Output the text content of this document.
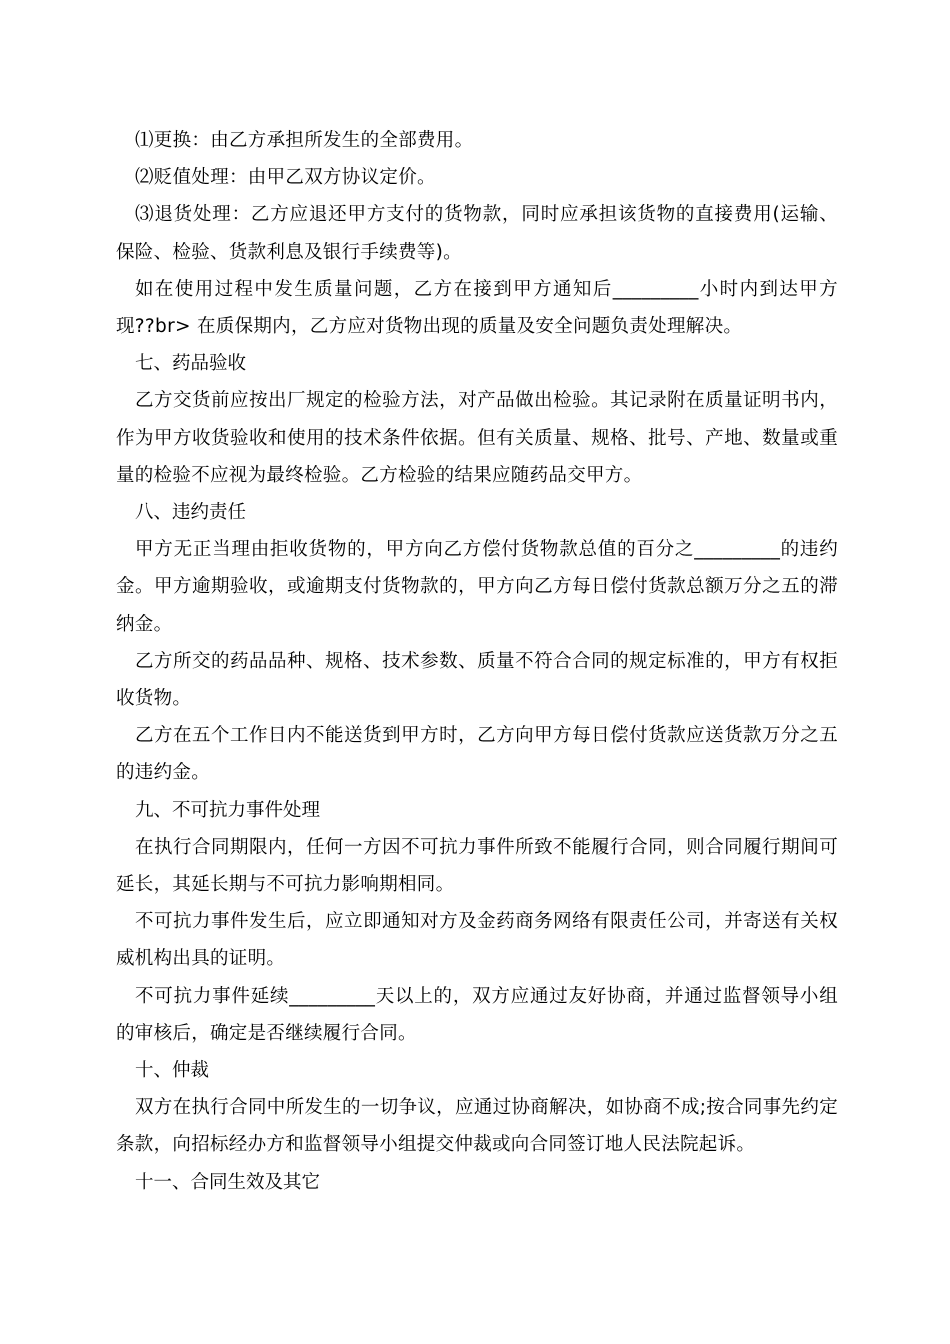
⑴更换：由乙方承担所发生的全部费用。

⑵贬值处理：由甲乙双方协议定价。

⑶退货处理：乙方应退还甲方支付的货物款，同时应承担该货物的直接费用(运输、保险、检验、货款利息及银行手续费等)。

如在使用过程中发生质量问题，乙方在接到甲方通知后_________小时内到达甲方现??br> 在质保期内，乙方应对货物出现的质量及安全问题负责处理解决。

七、药品验收

乙方交货前应按出厂规定的检验方法，对产品做出检验。其记录附在质量证明书内，作为甲方收货验收和使用的技术条件依据。但有关质量、规格、批号、产地、数量或重量的检验不应视为最终检验。乙方检验的结果应随药品交甲方。

八、违约责任

甲方无正当理由拒收货物的，甲方向乙方偿付货物款总值的百分之_________的违约金。甲方逾期验收，或逾期支付货物款的，甲方向乙方每日偿付货款总额万分之五的滞纳金。

乙方所交的药品品种、规格、技术参数、质量不符合合同的规定标准的，甲方有权拒收货物。

乙方在五个工作日内不能送货到甲方时，乙方向甲方每日偿付货款应送货款万分之五的违约金。

九、不可抗力事件处理

在执行合同期限内，任何一方因不可抗力事件所致不能履行合同，则合同履行期间可延长，其延长期与不可抗力影响期相同。

不可抗力事件发生后，应立即通知对方及金药商务网络有限责任公司，并寄送有关权威机构出具的证明。

不可抗力事件延续_________天以上的，双方应通过友好协商，并通过监督领导小组的审核后，确定是否继续履行合同。

十、仲裁

双方在执行合同中所发生的一切争议，应通过协商解决，如协商不成;按合同事先约定条款，向招标经办方和监督领导小组提交仲裁或向合同签订地人民法院起诉。

十一、合同生效及其它
